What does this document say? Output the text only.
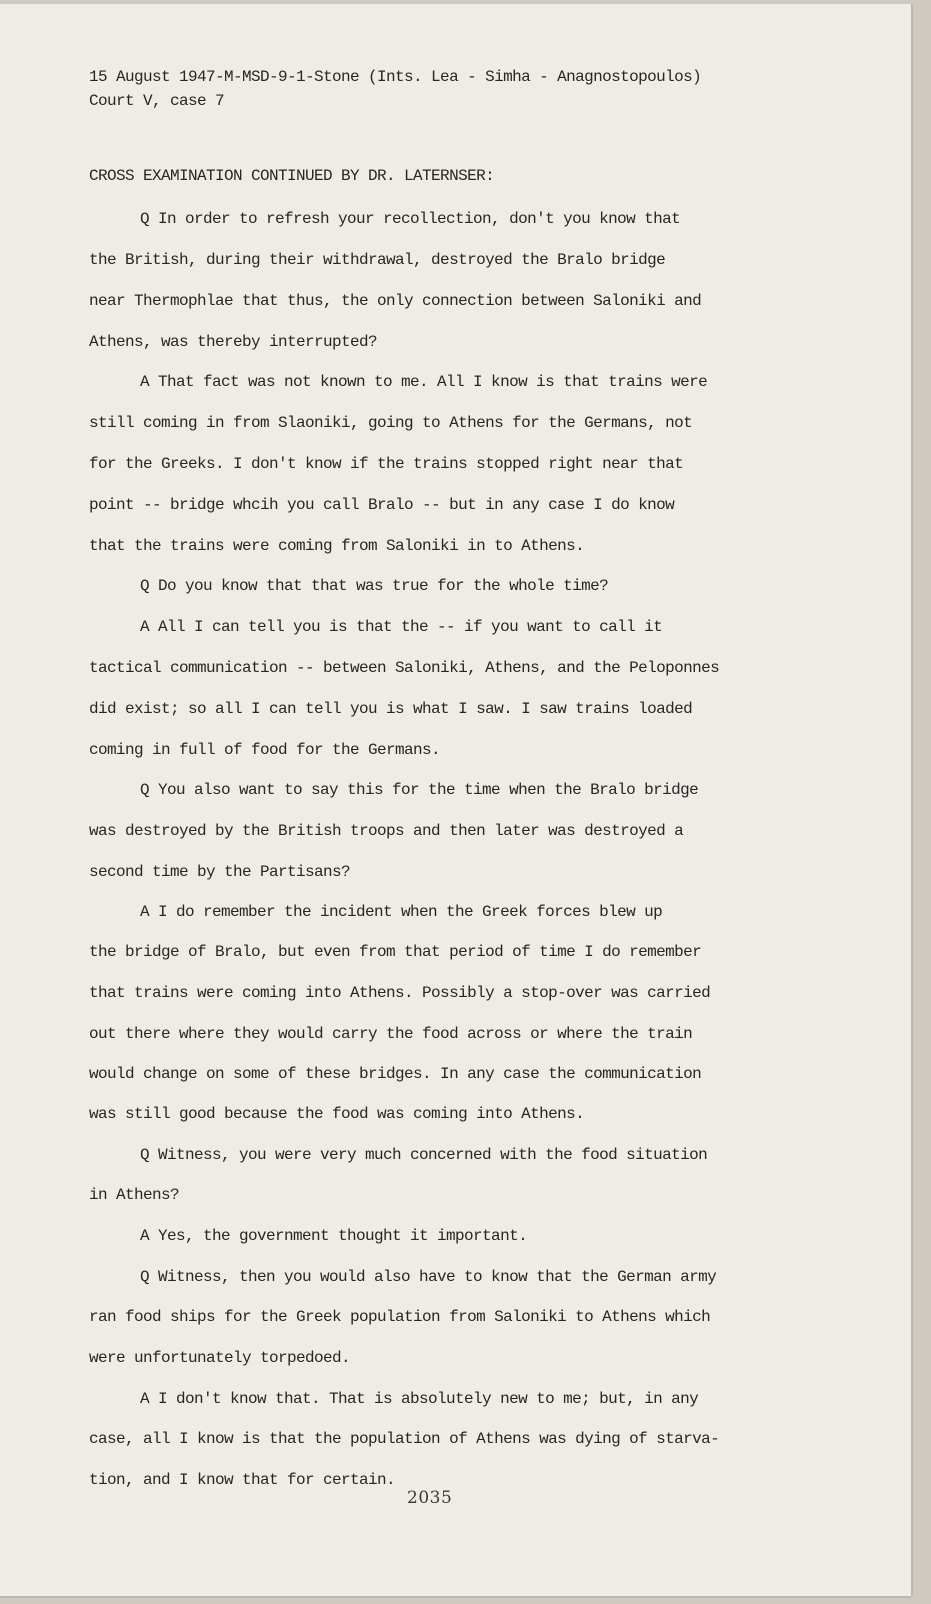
15 August 1947-M-MSD-9-1-Stone (Ints. Lea - Simha - Anagnostopoulos)
Court V, case 7
CROSS EXAMINATION CONTINUED BY DR. LATERNSER:
Q In order to refresh your recollection, don't you know that
the British, during their withdrawal, destroyed the Bralo bridge
near Thermophlae that thus, the only connection between Saloniki and
Athens, was thereby interrupted?
A That fact was not known to me. All I know is that trains were
still coming in from Slaoniki, going to Athens for the Germans, not
for the Greeks. I don't know if the trains stopped right near that
point -- bridge whcih you call Bralo -- but in any case I do know
that the trains were coming from Saloniki in to Athens.
Q Do you know that that was true for the whole time?
A All I can tell you is that the -- if you want to call it
tactical communication -- between Saloniki, Athens, and the Peloponnes
did exist; so all I can tell you is what I saw. I saw trains loaded
coming in full of food for the Germans.
Q You also want to say this for the time when the Bralo bridge
was destroyed by the British troops and then later was destroyed a
second time by the Partisans?
A I do remember the incident when the Greek forces blew up
the bridge of Bralo, but even from that period of time I do remember
that trains were coming into Athens. Possibly a stop-over was carried
out there where they would carry the food across or where the train
would change on some of these bridges. In any case the communication
was still good because the food was coming into Athens.
Q Witness, you were very much concerned with the food situation
in Athens?
A Yes, the government thought it important.
Q Witness, then you would also have to know that the German army
ran food ships for the Greek population from Saloniki to Athens which
were unfortunately torpedoed.
A I don't know that. That is absolutely new to me; but, in any
case, all I know is that the population of Athens was dying of starva-
tion, and I know that for certain.
2035
